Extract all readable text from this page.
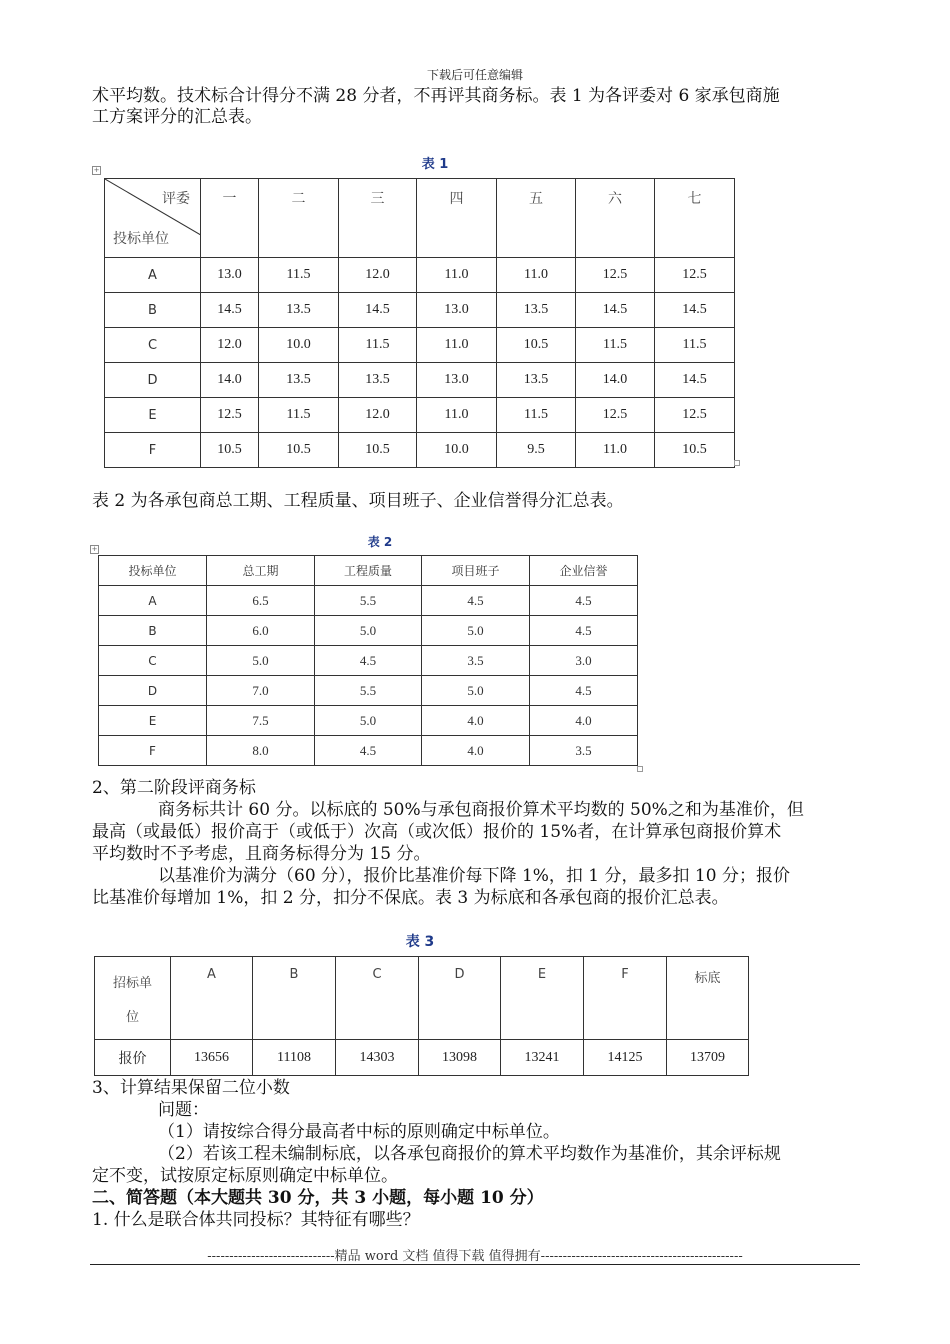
下载后可任意编辑
术平均数。技术标合计得分不满 28 分者，不再评其商务标。表 1 为各评委对 6 家承包商施
工方案评分的汇总表。
表 1
+
评委
投标单位	一	二	三	四	五	六	七
A	13.0	11.5	12.0	11.0	11.0	12.5	12.5
B	14.5	13.5	14.5	13.0	13.5	14.5	14.5
C	12.0	10.0	11.5	11.0	10.5	11.5	11.5
D	14.0	13.5	13.5	13.0	13.5	14.0	14.5
E	12.5	11.5	12.0	11.0	11.5	12.5	12.5
F	10.5	10.5	10.5	10.0	9.5	11.0	10.5
表 2 为各承包商总工期、工程质量、项目班子、企业信誉得分汇总表。
表 2
+
投标单位	总工期	工程质量	项目班子	企业信誉
A	6.5	5.5	4.5	4.5
B	6.0	5.0	5.0	4.5
C	5.0	4.5	3.5	3.0
D	7.0	5.5	5.0	4.5
E	7.5	5.0	4.0	4.0
F	8.0	4.5	4.0	3.5
2、第二阶段评商务标
商务标共计 60 分。以标底的 50%与承包商报价算术平均数的 50%之和为基准价，但
最高（或最低）报价高于（或低于）次高（或次低）报价的 15%者，在计算承包商报价算术
平均数时不予考虑，且商务标得分为 15 分。
以基准价为满分（60 分），报价比基准价每下降 1%，扣 1 分，最多扣 10 分；报价
比基准价每增加 1%，扣 2 分，扣分不保底。表 3 为标底和各承包商的报价汇总表。
表 3
招标单
位	A	B	C	D	E	F	标底
报价	13656	11108	14303	13098	13241	14125	13709
3、计算结果保留二位小数
问题：
（1）请按综合得分最高者中标的原则确定中标单位。
（2）若该工程未编制标底，以各承包商报价的算术平均数作为基准价，其余评标规
定不变，试按原定标原则确定中标单位。
二、简答题（本大题共 30 分，共 3 小题，每小题 10 分）
1. 什么是联合体共同投标？其特征有哪些？
-----------------------------精品 word 文档 值得下载 值得拥有----------------------------------------------
